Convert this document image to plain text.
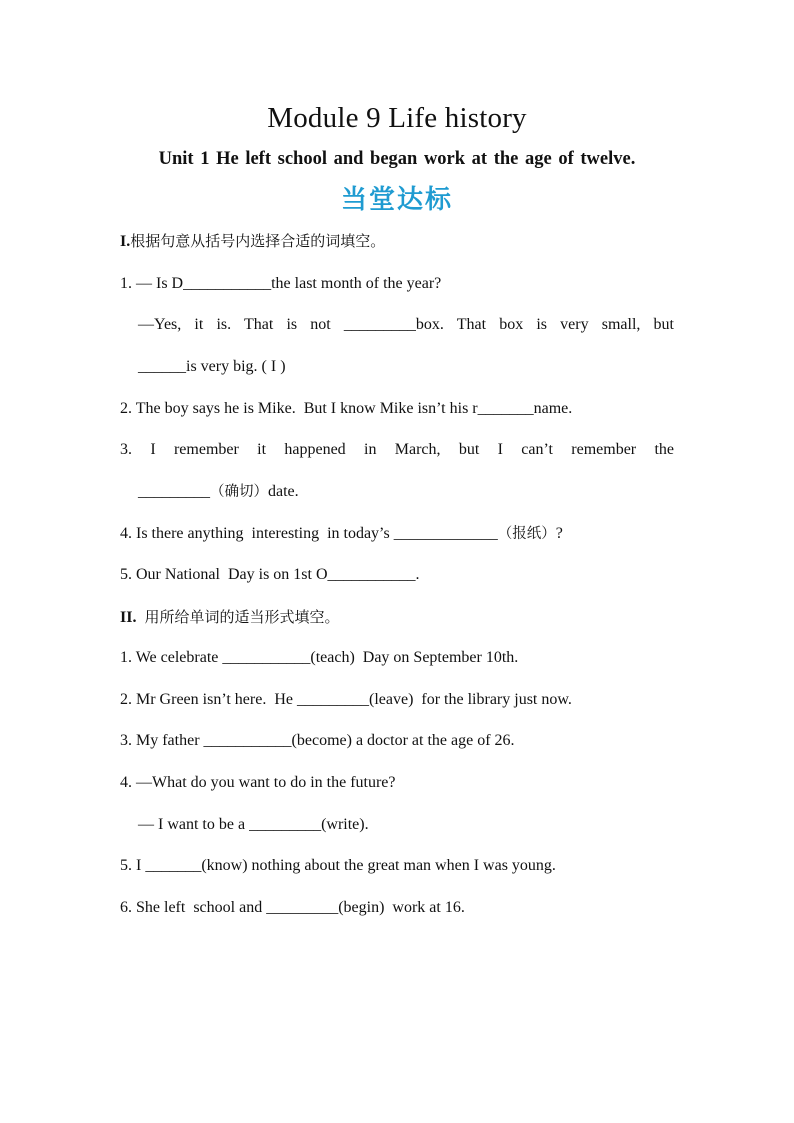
Module 9 Life history
Unit 1 He left school and began work at the age of twelve.
当堂达标
I.根据句意从括号内选择合适的词填空。
1. — Is D___________the last month of the year?
—Yes, it is. That is not _________box. That box is very small, but
______is very big. ( I )
2. The boy says he is Mike.  But I know Mike isn’t his r_______name.
3. I remember it happened in March, but I can’t remember the
_________（确切）date.
4. Is there anything  interesting  in today’s _____________（报纸）?
5. Our National  Day is on 1st O___________.
II. 用所给单词的适当形式填空。
1. We celebrate ___________(teach)  Day on September 10th.
2. Mr Green isn’t here.  He _________(leave)  for the library just now.
3. My father ___________(become) a doctor at the age of 26.
4. —What do you want to do in the future?
— I want to be a _________(write).
5. I _______(know) nothing about the great man when I was young.
6. She left  school and _________(begin)  work at 16.
